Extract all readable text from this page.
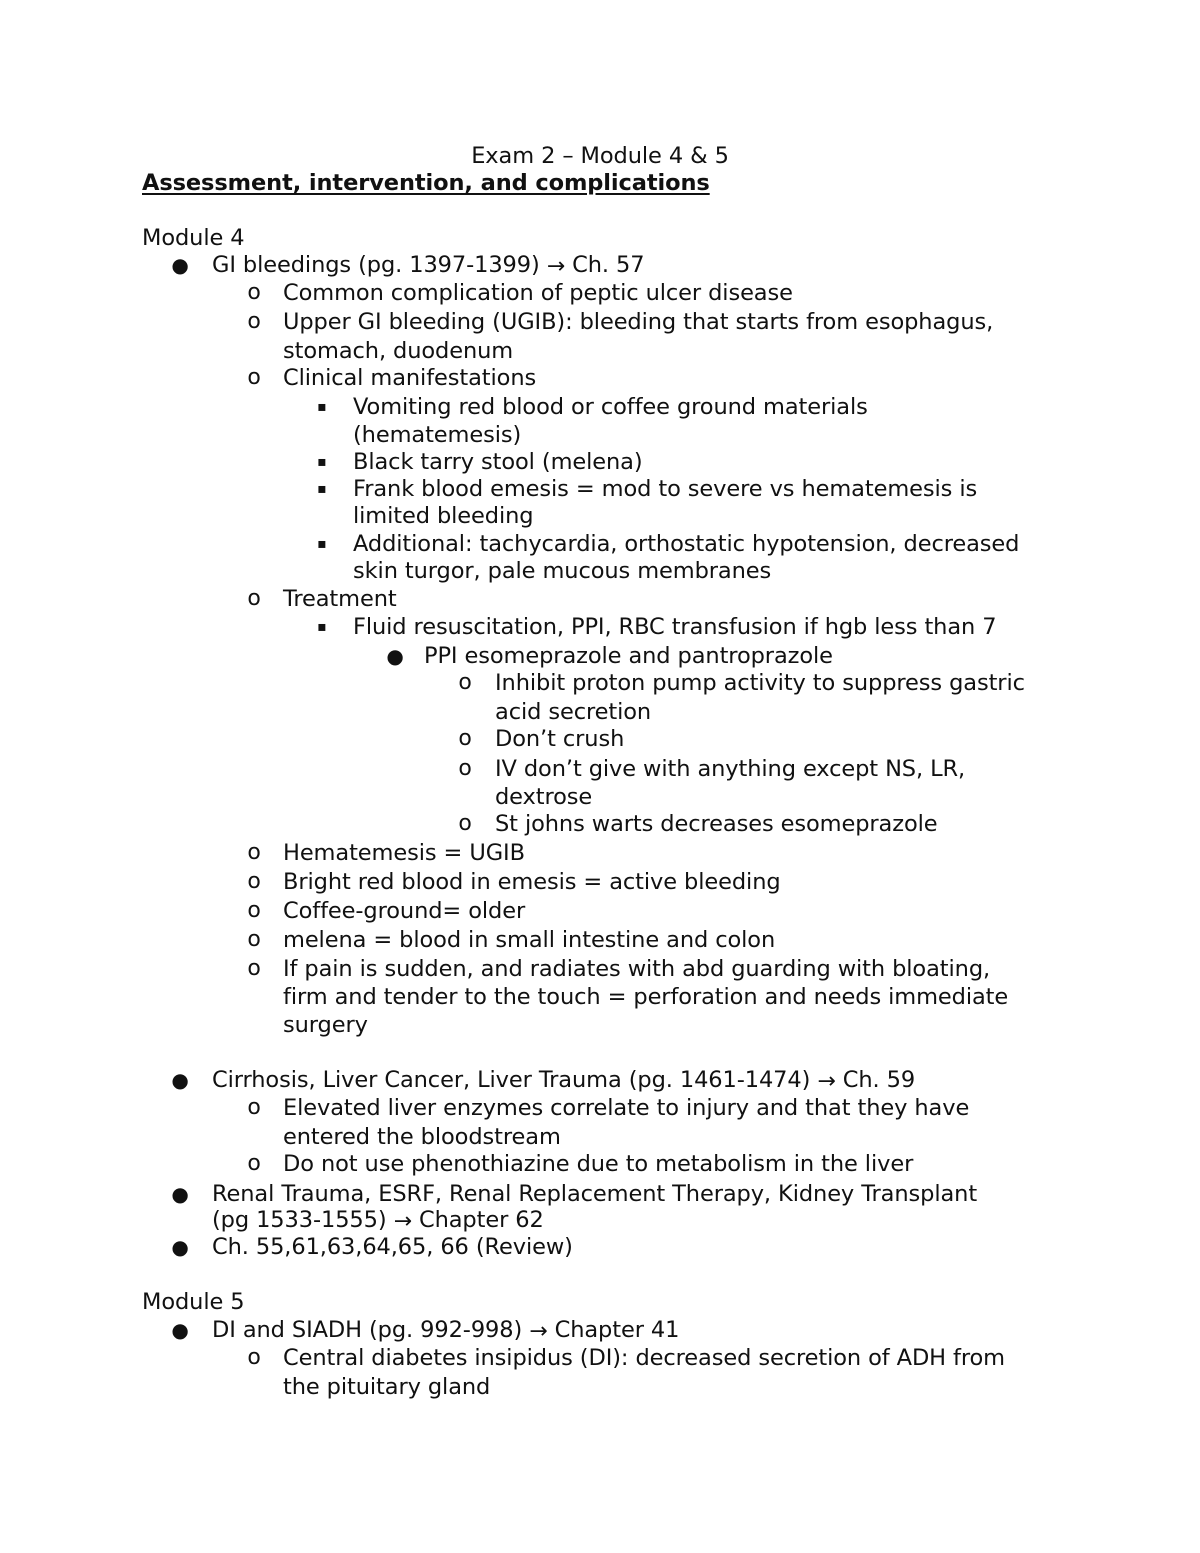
Exam 2 – Module 4 & 5
Assessment, intervention, and complications
Module 4
● GI bleedings (pg. 1397-1399) → Ch. 57
o Common complication of peptic ulcer disease
o Upper GI bleeding (UGIB): bleeding that starts from esophagus,
stomach, duodenum
o Clinical manifestations
▪ Vomiting red blood or coffee ground materials
(hematemesis)
▪ Black tarry stool (melena)
▪ Frank blood emesis = mod to severe vs hematemesis is
limited bleeding
▪ Additional: tachycardia, orthostatic hypotension, decreased
skin turgor, pale mucous membranes
o Treatment
▪ Fluid resuscitation, PPI, RBC transfusion if hgb less than 7
● PPI esomeprazole and pantroprazole
o Inhibit proton pump activity to suppress gastric
acid secretion
o Don’t crush
o IV don’t give with anything except NS, LR,
dextrose
o St johns warts decreases esomeprazole
o Hematemesis = UGIB
o Bright red blood in emesis = active bleeding
o Coffee-ground= older
o melena = blood in small intestine and colon
o If pain is sudden, and radiates with abd guarding with bloating,
firm and tender to the touch = perforation and needs immediate
surgery
● Cirrhosis, Liver Cancer, Liver Trauma (pg. 1461-1474) → Ch. 59
o Elevated liver enzymes correlate to injury and that they have
entered the bloodstream
o Do not use phenothiazine due to metabolism in the liver
● Renal Trauma, ESRF, Renal Replacement Therapy, Kidney Transplant
(pg 1533-1555) → Chapter 62
● Ch. 55,61,63,64,65, 66 (Review)
Module 5
● DI and SIADH (pg. 992-998) → Chapter 41
o Central diabetes insipidus (DI): decreased secretion of ADH from
the pituitary gland
